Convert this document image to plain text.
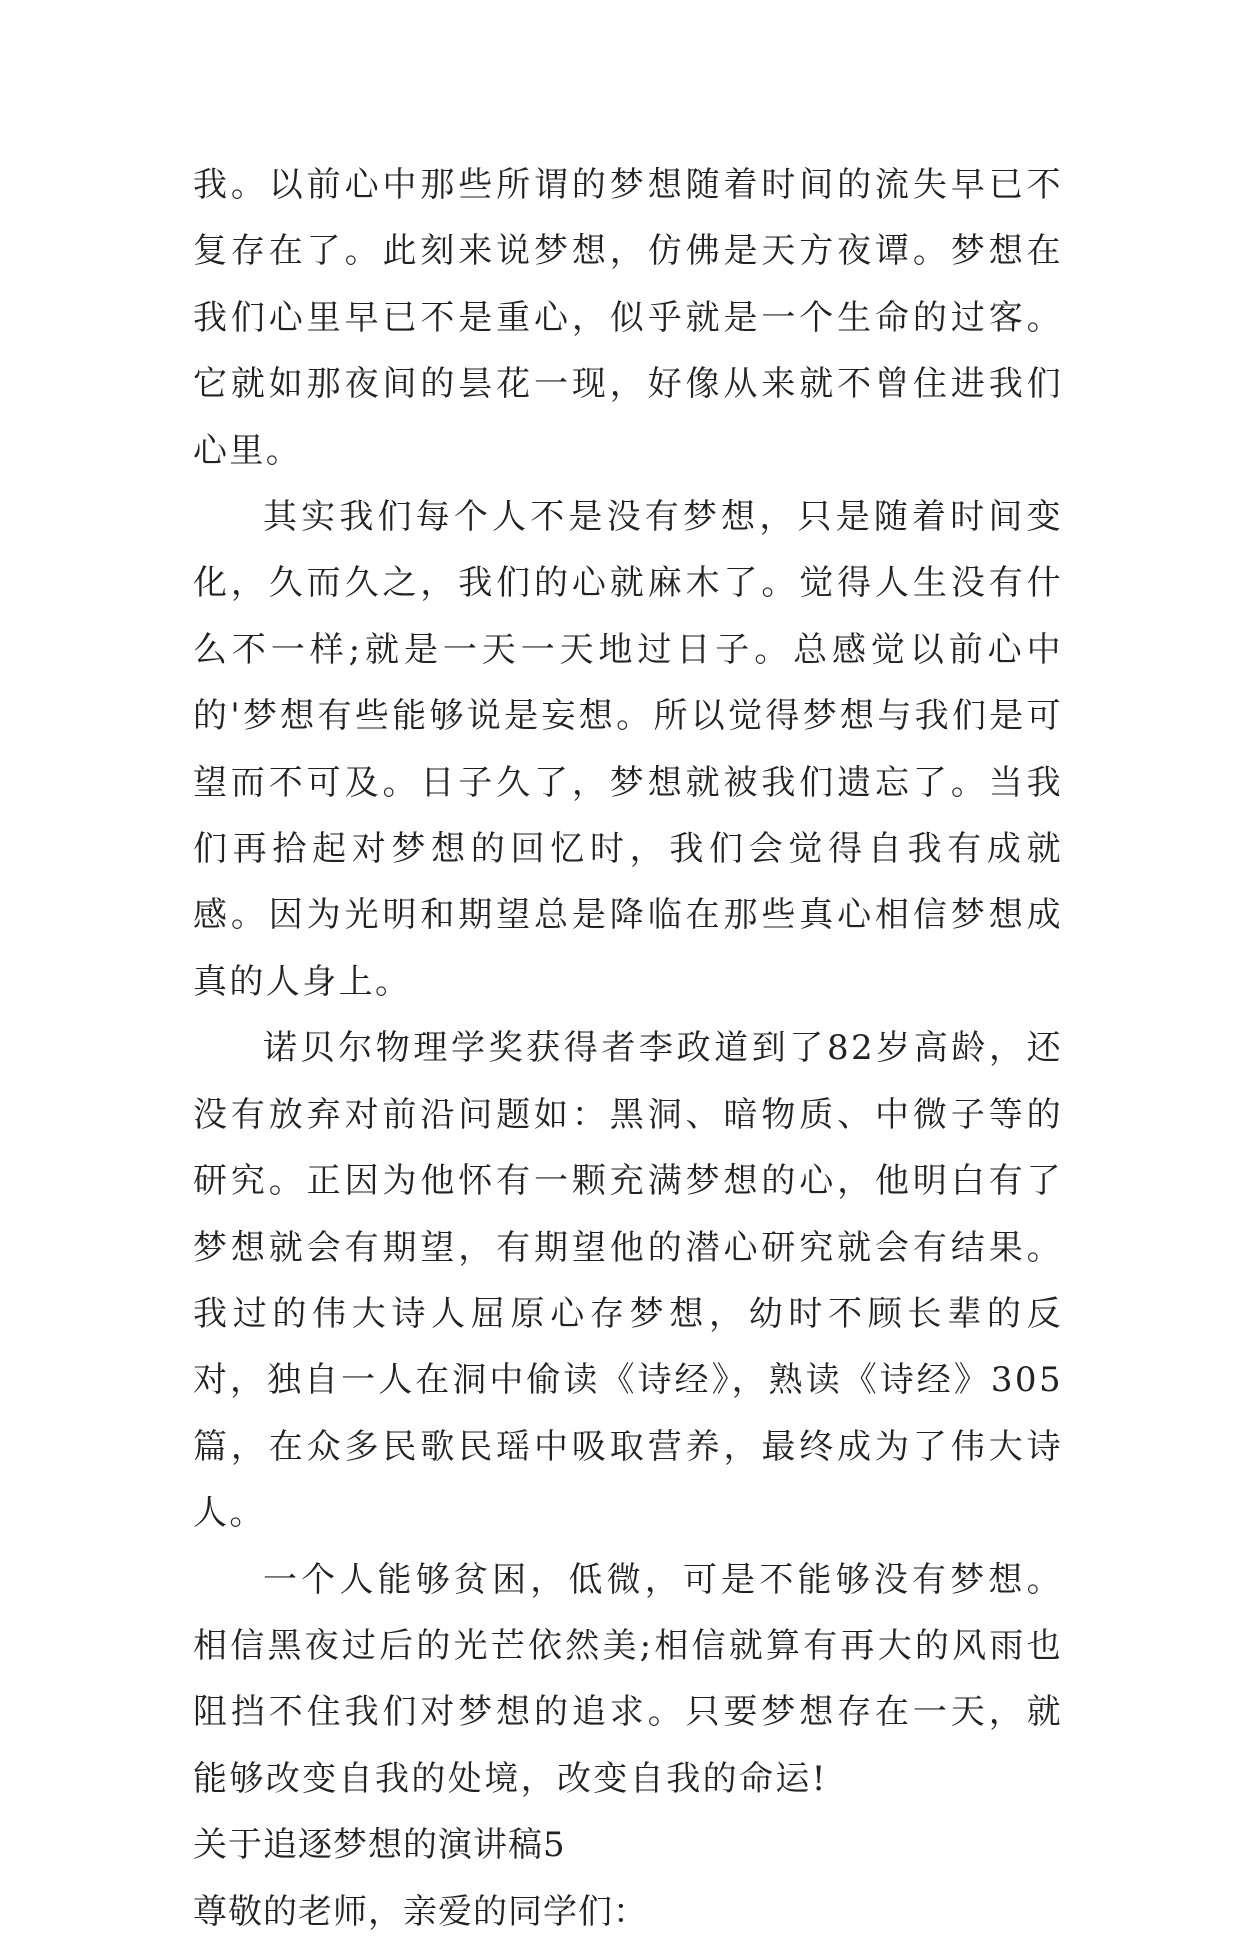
我。以前心中那些所谓的梦想随着时间的流失早已不复存在了。此刻来说梦想，仿佛是天方夜谭。梦想在我们心里早已不是重心，似乎就是一个生命的过客。它就如那夜间的昙花一现，好像从来就不曾住进我们心里。

其实我们每个人不是没有梦想，只是随着时间变化，久而久之，我们的心就麻木了。觉得人生没有什么不一样;就是一天一天地过日子。总感觉以前心中的'梦想有些能够说是妄想。所以觉得梦想与我们是可望而不可及。日子久了，梦想就被我们遗忘了。当我们再拾起对梦想的回忆时，我们会觉得自我有成就感。因为光明和期望总是降临在那些真心相信梦想成真的人身上。

诺贝尔物理学奖获得者李政道到了82岁高龄，还没有放弃对前沿问题如：黑洞、暗物质、中微子等的研究。正因为他怀有一颗充满梦想的心，他明白有了梦想就会有期望，有期望他的潜心研究就会有结果。我过的伟大诗人屈原心存梦想，幼时不顾长辈的反对，独自一人在洞中偷读《诗经》，熟读《诗经》305篇，在众多民歌民瑶中吸取营养，最终成为了伟大诗人。

一个人能够贫困，低微，可是不能够没有梦想。相信黑夜过后的光芒依然美;相信就算有再大的风雨也阻挡不住我们对梦想的追求。只要梦想存在一天，就能够改变自我的处境，改变自我的命运!

关于追逐梦想的演讲稿5

尊敬的老师，亲爱的同学们：
